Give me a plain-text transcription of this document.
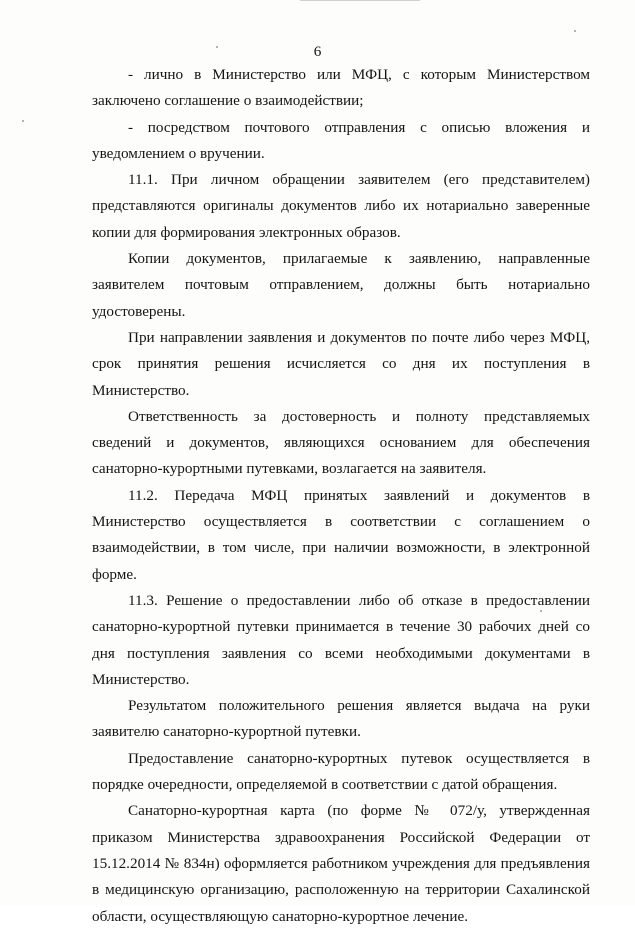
6

- лично в Министерство или МФЦ, с которым Министерством заключено соглашение о взаимодействии;

- посредством почтового отправления с описью вложения и уведомлением о вручении.

11.1. При личном обращении заявителем (его представителем) представляются оригиналы документов либо их нотариально заверенные копии для формирования электронных образов.

Копии документов, прилагаемые к заявлению, направленные заявителем почтовым отправлением, должны быть нотариально удостоверены.

При направлении заявления и документов по почте либо через МФЦ, срок принятия решения исчисляется со дня их поступления в Министерство.

Ответственность за достоверность и полноту представляемых сведений и документов, являющихся основанием для обеспечения санаторно-курортными путевками, возлагается на заявителя.

11.2. Передача МФЦ принятых заявлений и документов в Министерство осуществляется в соответствии с соглашением о взаимодействии, в том числе, при наличии возможности, в электронной форме.

11.3. Решение о предоставлении либо об отказе в предоставлении санаторно-курортной путевки принимается в течение 30 рабочих дней со дня поступления заявления со всеми необходимыми документами в Министерство.

Результатом положительного решения является выдача на руки заявителю санаторно-курортной путевки.

Предоставление санаторно-курортных путевок осуществляется в порядке очередности, определяемой в соответствии с датой обращения.

Санаторно-курортная карта (по форме № 072/у, утвержденная приказом Министерства здравоохранения Российской Федерации от 15.12.2014 № 834н) оформляется работником учреждения для предъявления в медицинскую организацию, расположенную на территории Сахалинской области, осуществляющую санаторно-курортное лечение.
